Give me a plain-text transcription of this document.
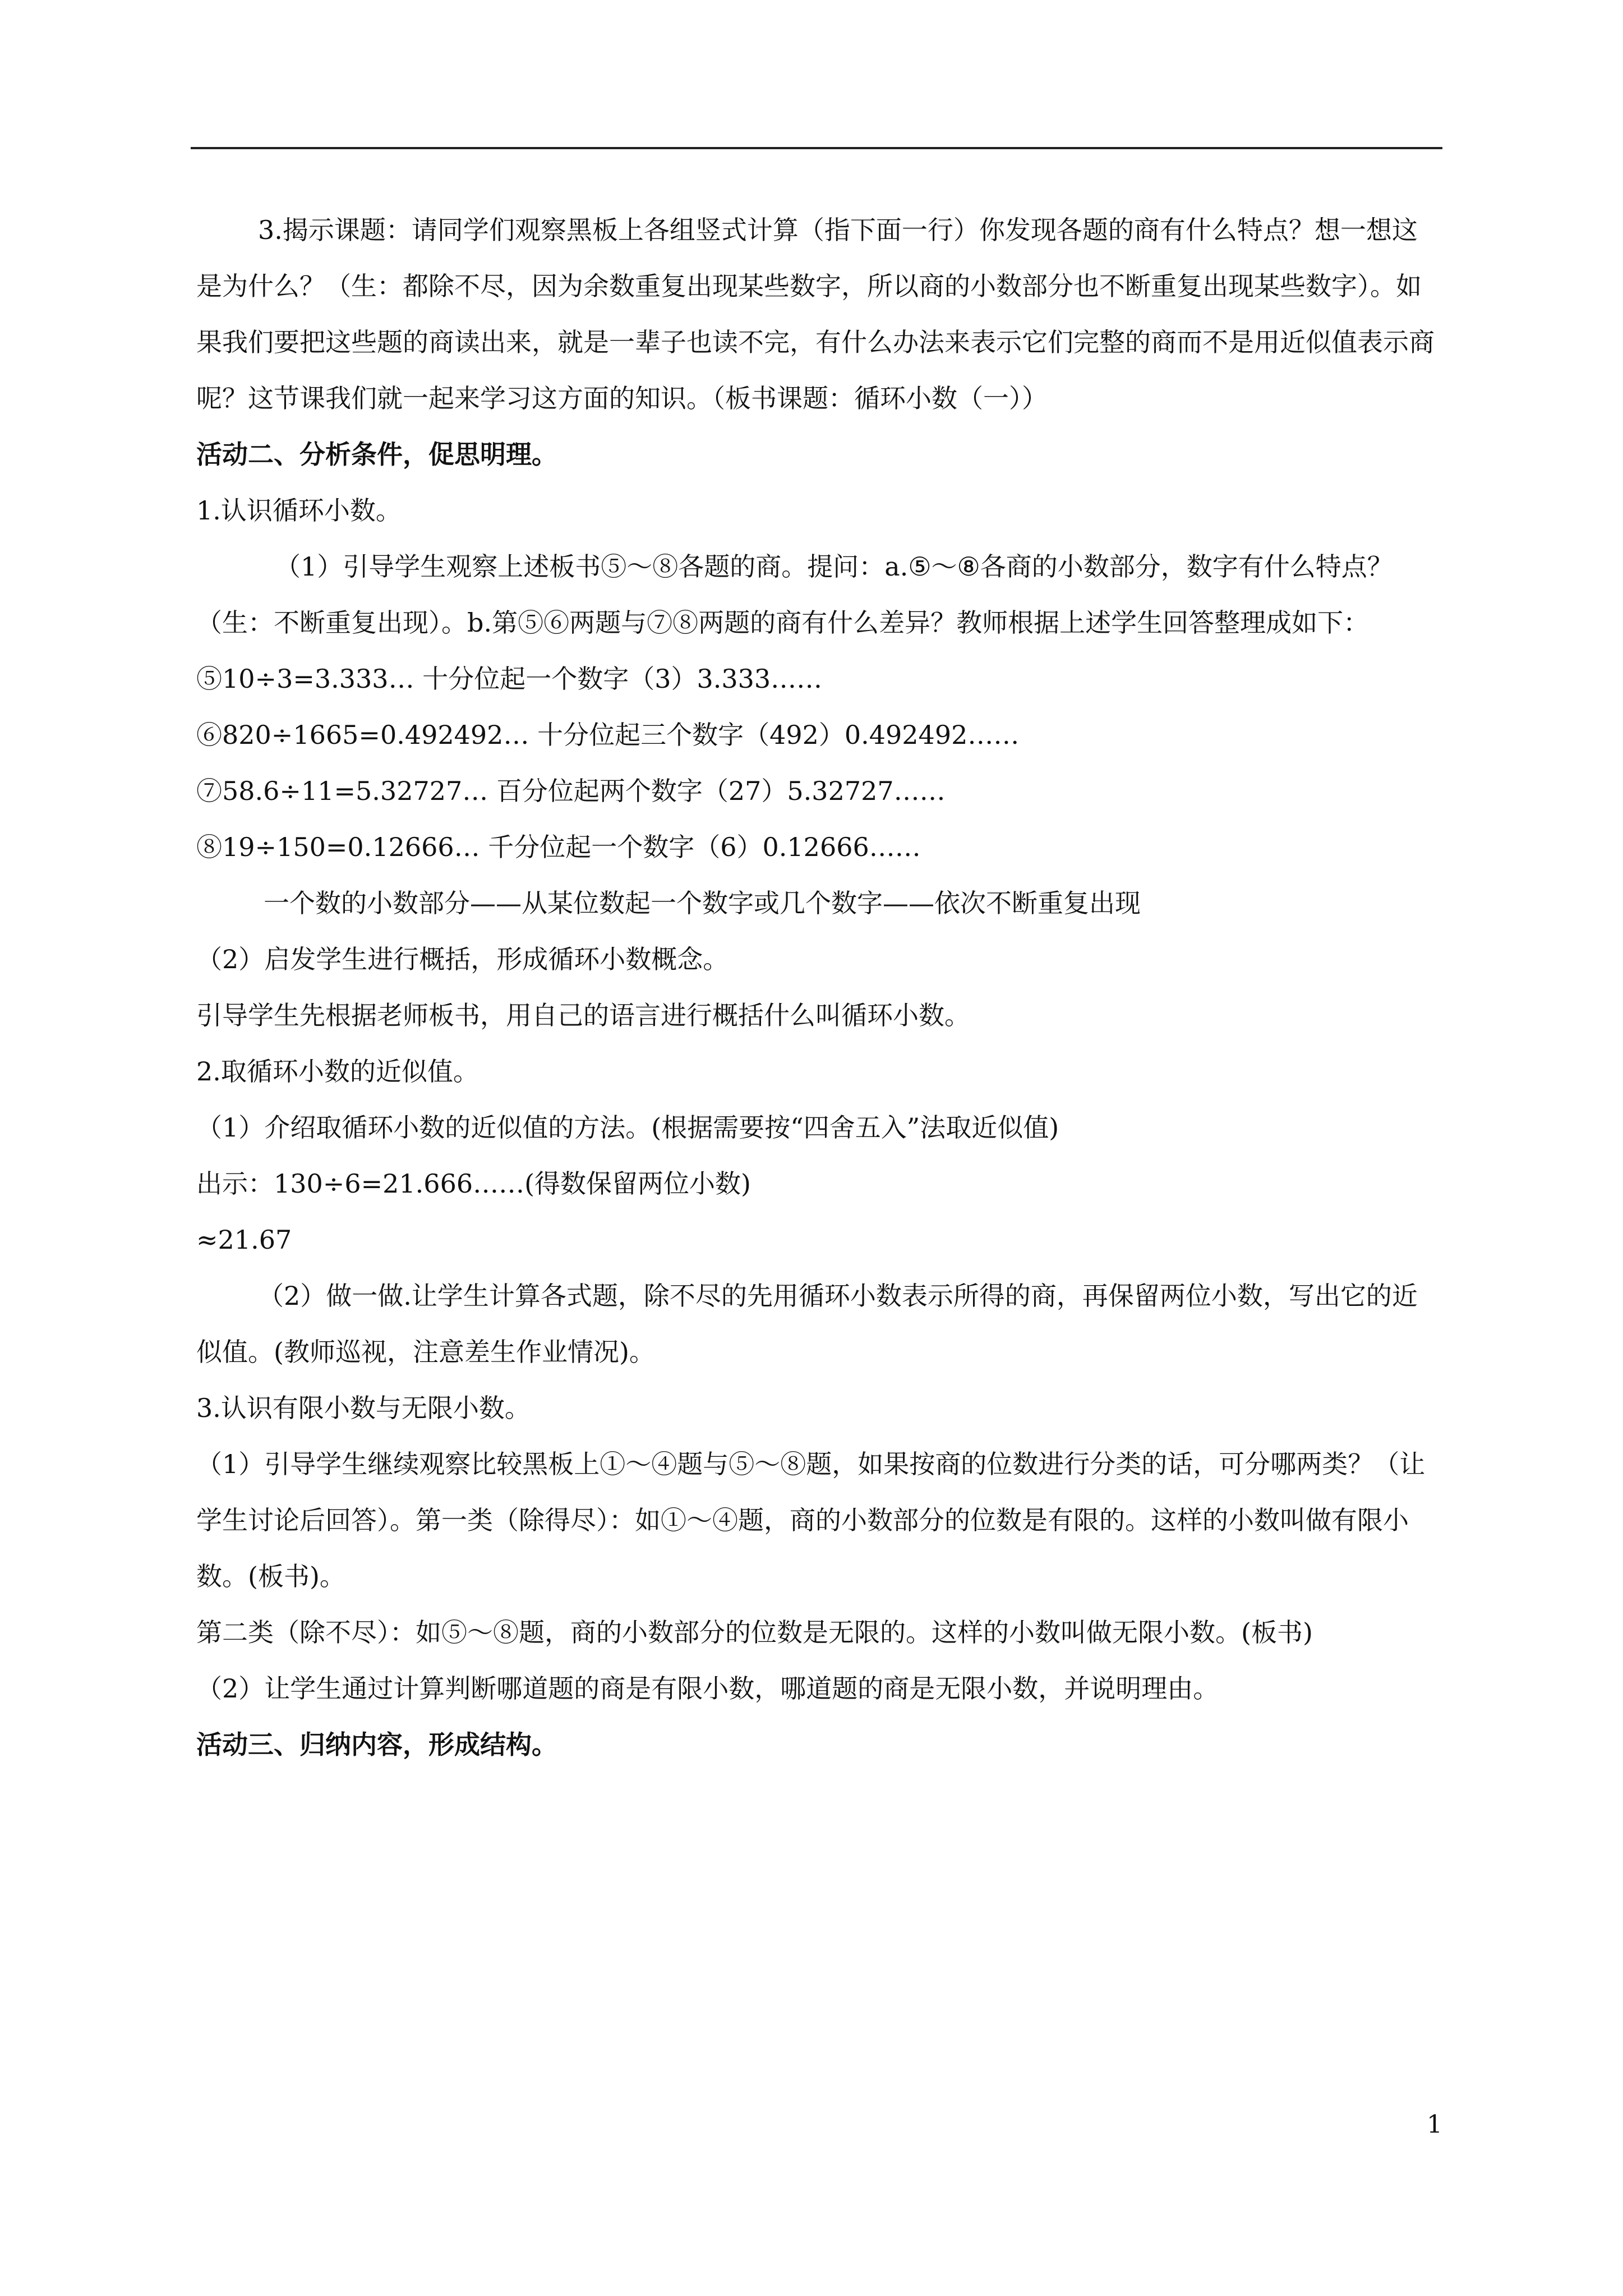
3.揭示课题：请同学们观察黑板上各组竖式计算（指下面一行）你发现各题的商有什么特点？想一想这是为什么？（生：都除不尽，因为余数重复出现某些数字，所以商的小数部分也不断重复出现某些数字）。如果我们要把这些题的商读出来，就是一辈子也读不完，有什么办法来表示它们完整的商而不是用近似值表示商呢？这节课我们就一起来学习这方面的知识。（板书课题：循环小数（一））

活动二、分析条件，促思明理。

1.认识循环小数。

（1）引导学生观察上述板书⑤～⑧各题的商。提问：a.⑤～⑧各商的小数部分，数字有什么特点？（生：不断重复出现）。b.第⑤⑥两题与⑦⑧两题的商有什么差异？教师根据上述学生回答整理成如下：

⑤10÷3=3.333… 十分位起一个数字（3）3.333……

⑥820÷1665=0.492492… 十分位起三个数字（492）0.492492……

⑦58.6÷11=5.32727… 百分位起两个数字（27）5.32727……

⑧19÷150=0.12666… 千分位起一个数字（6）0.12666……

一个数的小数部分——从某位数起一个数字或几个数字——依次不断重复出现

（2）启发学生进行概括，形成循环小数概念。

引导学生先根据老师板书，用自己的语言进行概括什么叫循环小数。

2.取循环小数的近似值。

（1）介绍取循环小数的近似值的方法。(根据需要按“四舍五入”法取近似值)

出示：130÷6=21.666……(得数保留两位小数)

≈21.67

（2）做一做.让学生计算各式题，除不尽的先用循环小数表示所得的商，再保留两位小数，写出它的近似值。(教师巡视，注意差生作业情况)。

3.认识有限小数与无限小数。

（1）引导学生继续观察比较黑板上①～④题与⑤～⑧题，如果按商的位数进行分类的话，可分哪两类？（让学生讨论后回答）。第一类（除得尽）：如①～④题，商的小数部分的位数是有限的。这样的小数叫做有限小数。(板书)。

第二类（除不尽）：如⑤～⑧题，商的小数部分的位数是无限的。这样的小数叫做无限小数。(板书)

（2）让学生通过计算判断哪道题的商是有限小数，哪道题的商是无限小数，并说明理由。

活动三、归纳内容，形成结构。

1
